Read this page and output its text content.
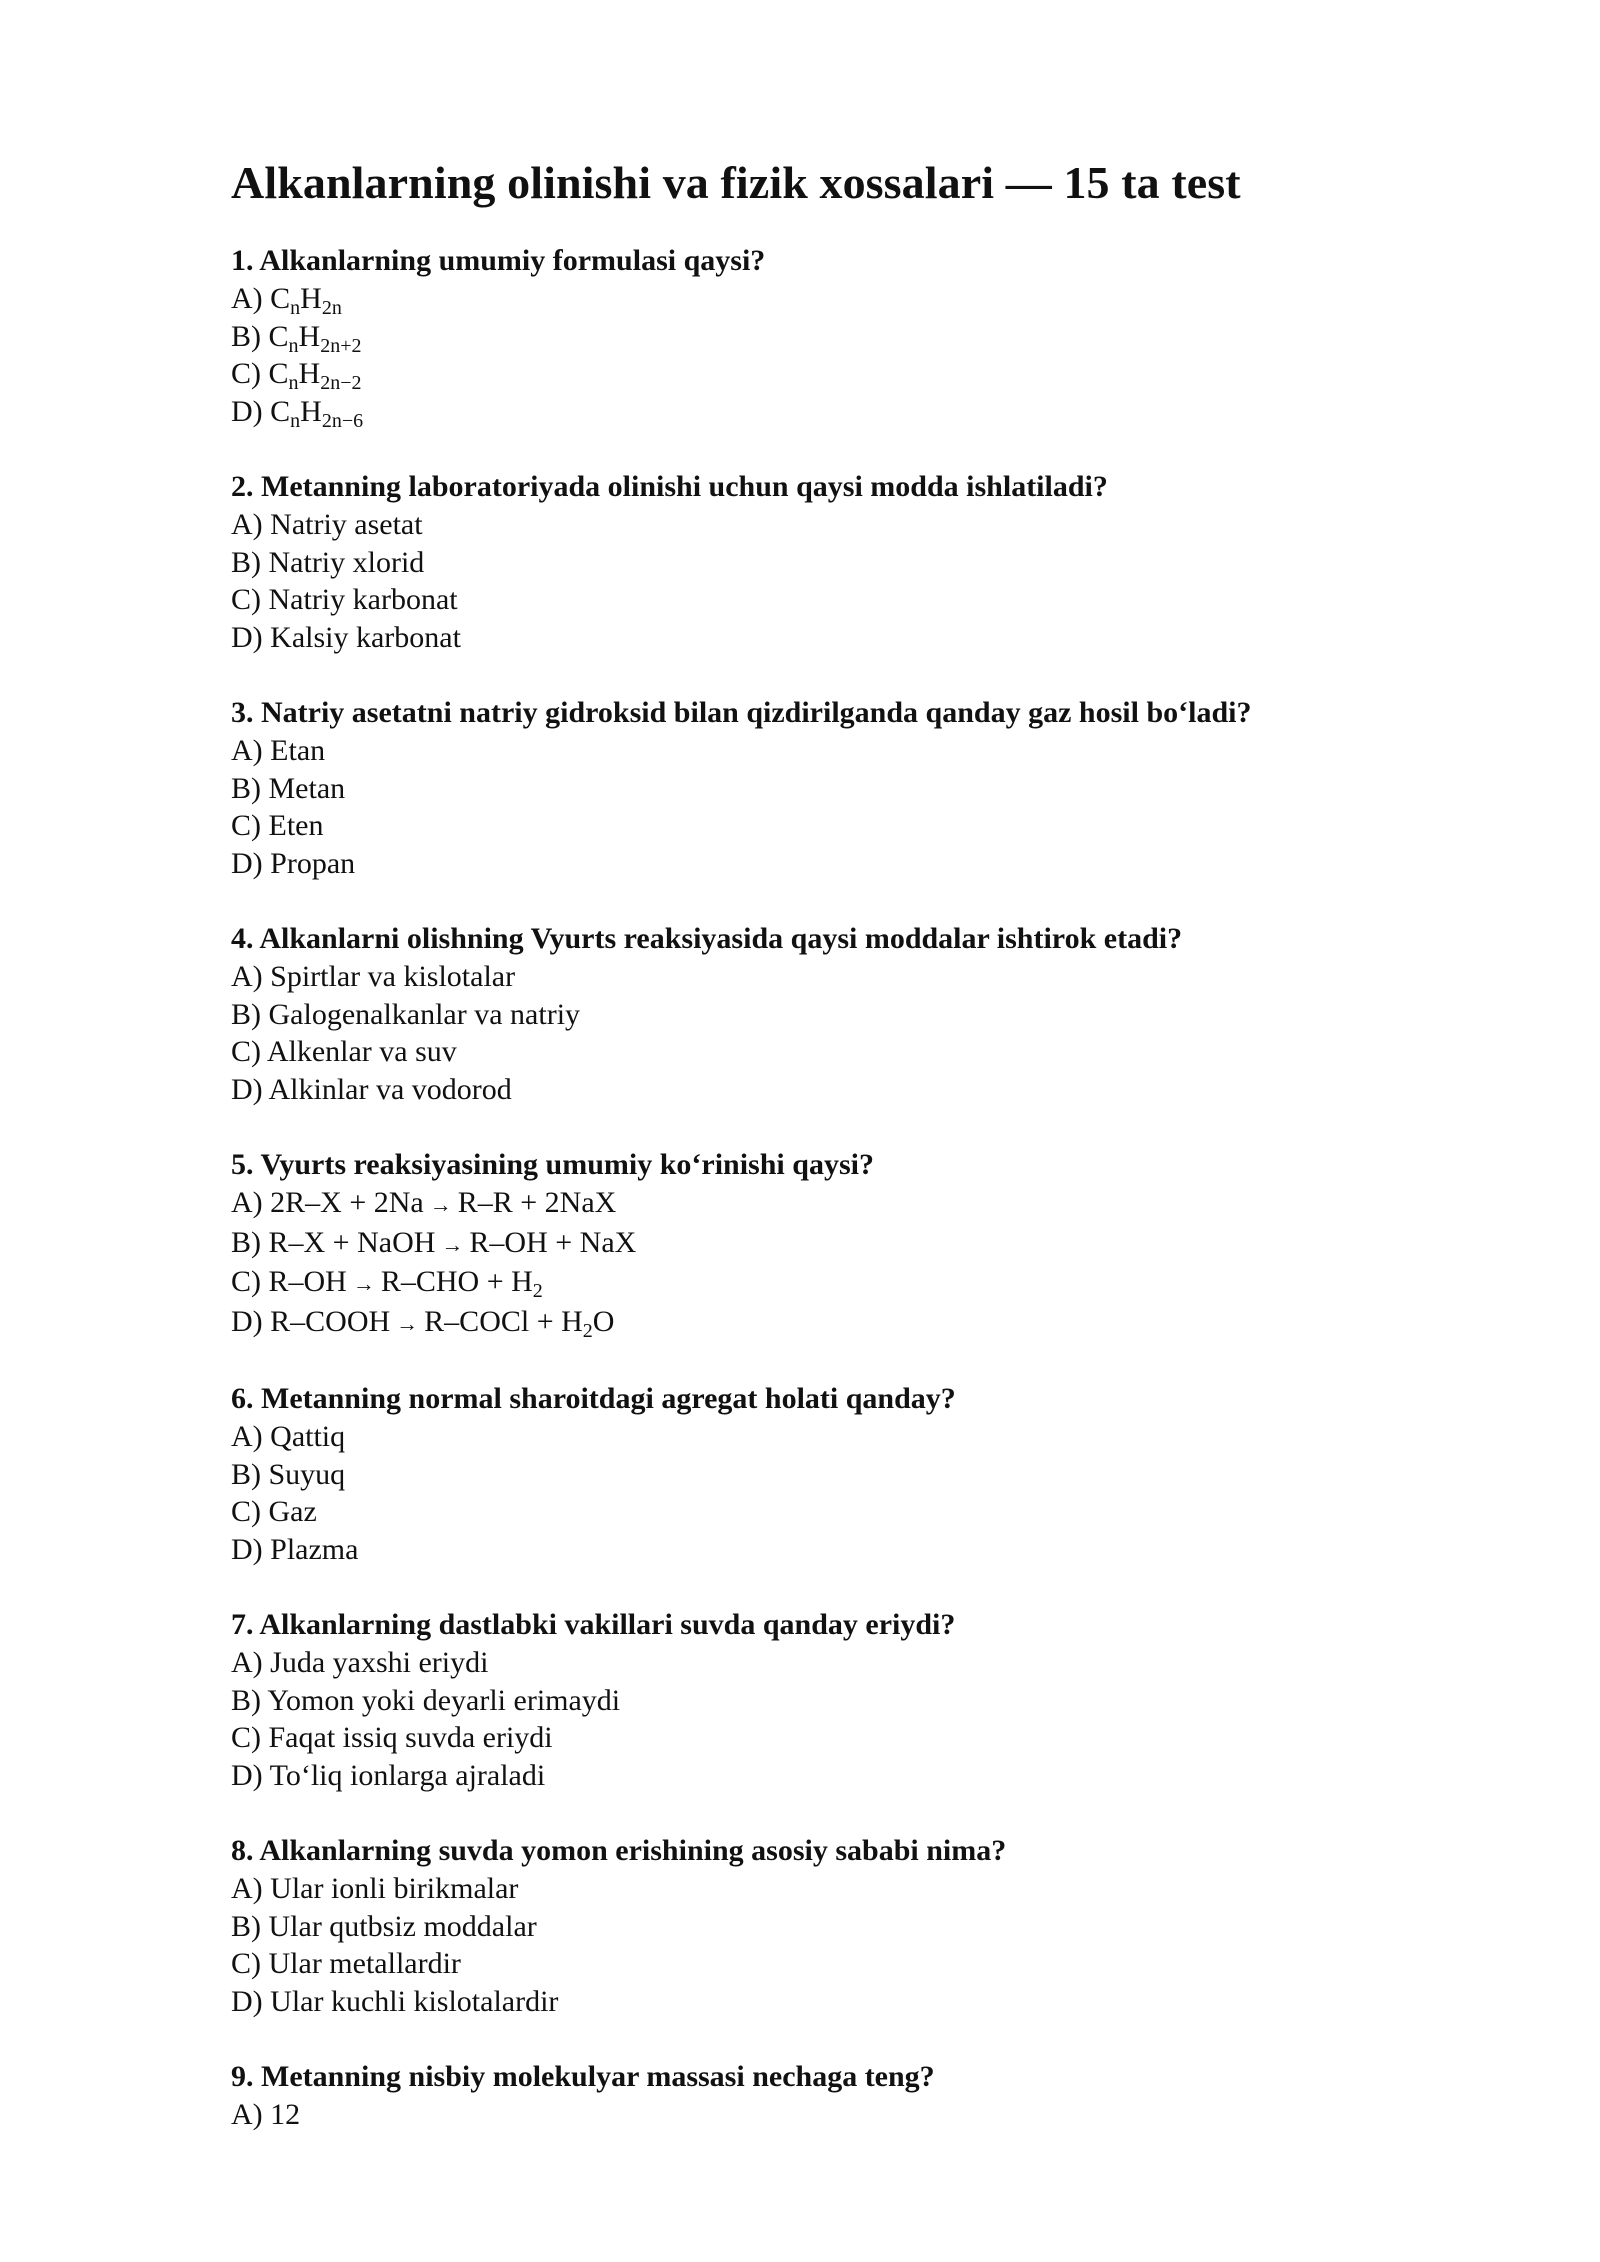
Alkanlarning olinishi va fizik xossalari — 15 ta test

1. Alkanlarning umumiy formulasi qaysi?

A) $C_nH_{2n}$

B) $C_nH_{2n+2}$

C) $C_nH_{2n-2}$

D) $C_nH_{2n-6}$

2. Metanning laboratoriyada olinishi uchun qaysi modda ishlatiladi?

A) Natriy asetat

B) Natriy xlorid

C) Natriy karbonat

D) Kalsiy karbonat

3. Natriy asetatni natriy gidroksid bilan qizdirilganda qanday gaz hosil bo‘ladi?

A) Etan

B) Metan

C) Eten

D) Propan

4. Alkanlarni olishning Vyurts reaksiyasida qaysi moddalar ishtirok etadi?

A) Spirtlar va kislotalar

B) Galogenalkanlar va natriy

C) Alkenlar va suv

D) Alkinlar va vodorod

5. Vyurts reaksiyasining umumiy ko‘rinishi qaysi?

A) 2R–X + 2Na → R–R + 2NaX

B) R–X + NaOH → R–OH + NaX

C) $R-OH \to R-CHO + H_2$

D) R–COOH → R–COCl + $H_2O$

6. Metanning normal sharoitdagi agregat holati qanday?

A) Qattiq

B) Suyuq

C) Gaz

D) Plazma

7. Alkanlarning dastlabki vakillari suvda qanday eriydi?

A) Juda yaxshi eriydi

B) Yomon yoki deyarli erimaydi

C) Faqat issiq suvda eriydi

D) To‘liq ionlarga ajraladi

8. Alkanlarning suvda yomon erishining asosiy sababi nima?

A) Ular ionli birikmalar

B) Ular qutbsiz moddalar

C) Ular metallardir

D) Ular kuchli kislotalardir

9. Metanning nisbiy molekulyar massasi nechaga teng?

A) 12
